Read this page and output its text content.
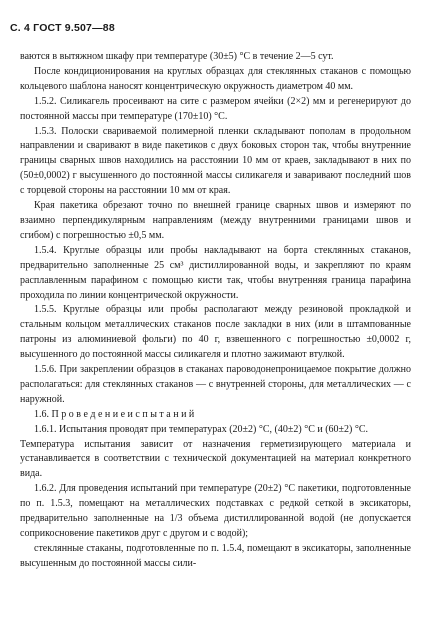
С. 4 ГОСТ 9.507—88

ваются в вытяжном шкафу при температуре (30±5) °С в течение 2—5 сут.

После кондиционирования на круглых образцах для стеклянных стаканов с помощью кольцевого шаблона наносят концентрическую окружность диаметром 40 мм.

1.5.2. Силикагель просеивают на сите с размером ячейки (2×2) мм и регенерируют до постоянной массы при температуре (170±10) °С.

1.5.3. Полоски свариваемой полимерной пленки складывают пополам в продольном направлении и сваривают в виде пакетиков с двух боковых сторон так, чтобы внутренние границы сварных швов находились на расстоянии 10 мм от краев, закладывают в них по (50±0,0002) г высушенного до постоянной массы силикагеля и заваривают последний шов с торцевой стороны на расстоянии 10 мм от края.

Края пакетика обрезают точно по внешней границе сварных швов и измеряют по взаимно перпендикулярным направлениям (между внутренними границами швов и сгибом) с погрешностью ±0,5 мм.

1.5.4. Круглые образцы или пробы накладывают на борта стеклянных стаканов, предварительно заполненные 25 см³ дистиллированной воды, и закрепляют по краям расплавленным парафином с помощью кисти так, чтобы внутренняя граница парафина проходила по линии концентрической окружности.

1.5.5. Круглые образцы или пробы располагают между резиновой прокладкой и стальным кольцом металлических стаканов после закладки в них (или в штампованные патроны из алюминиевой фольги) по 40 г, взвешенного с погрешностью ±0,0002 г, высушенного до постоянной массы силикагеля и плотно зажимают втулкой.

1.5.6. При закреплении образцов в стаканах пароводонепроницаемое покрытие должно располагаться: для стеклянных стаканов — с внутренней стороны, для металлических — с наружной.

1.6. П р о в е д е н и е и с п ы т а н и й

1.6.1. Испытания проводят при температурах (20±2) °С, (40±2) °С и (60±2) °С.

Температура испытания зависит от назначения герметизирующего материала и устанавливается в соответствии с технической документацией на материал конкретного вида.

1.6.2. Для проведения испытаний при температуре (20±2) °С пакетики, подготовленные по п. 1.5.3, помещают на металлических подставках с редкой сеткой в эксикаторы, предварительно заполненные на 1/3 объема дистиллированной водой (не допускается соприкосновение пакетиков друг с другом и с водой);

стеклянные стаканы, подготовленные по п. 1.5.4, помещают в эксикаторы, заполненные высушенным до постоянной массы сили-
